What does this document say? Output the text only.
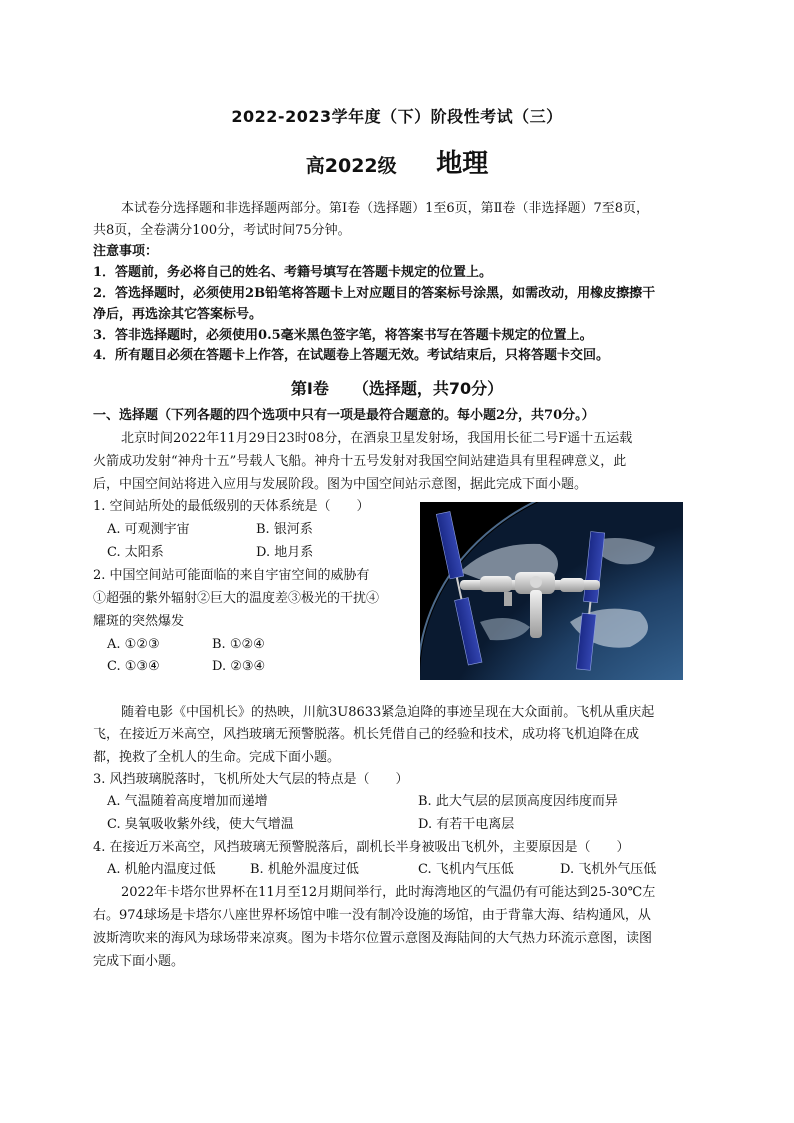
2022-2023学年度（下）阶段性考试（三）
高2022级 地理
本试卷分选择题和非选择题两部分。第Ⅰ卷（选择题）1至6页，第Ⅱ卷（非选择题）7至8页，
共8页，全卷满分100分，考试时间75分钟。
注意事项：
1．答题前，务必将自己的姓名、考籍号填写在答题卡规定的位置上。
2．答选择题时，必须使用2B铅笔将答题卡上对应题目的答案标号涂黑，如需改动，用橡皮擦擦干
净后，再选涂其它答案标号。
3．答非选择题时，必须使用0.5毫米黑色签字笔，将答案书写在答题卡规定的位置上。
4．所有题目必须在答题卡上作答，在试题卷上答题无效。考试结束后，只将答题卡交回。
第Ⅰ卷　　（选择题，共70分）
一、选择题（下列各题的四个选项中只有一项是最符合题意的。每小题2分，共70分。）
北京时间2022年11月29日23时08分，在酒泉卫星发射场，我国用长征二号F遥十五运载
火箭成功发射“神舟十五”号载人飞船。神舟十五号发射对我国空间站建造具有里程碑意义，此
后，中国空间站将进入应用与发展阶段。图为中国空间站示意图，据此完成下面小题。
1. 空间站所处的最低级别的天体系统是（　　）
A. 可观测宇宙	B. 银河系
C. 太阳系	D. 地月系
2. 中国空间站可能面临的来自宇宙空间的威胁有
①超强的紫外辐射②巨大的温度差③极光的干扰④
耀斑的突然爆发
A. ①②③	B. ①②④
C. ①③④	D. ②③④
随着电影《中国机长》的热映，川航3U8633紧急迫降的事迹呈现在大众面前。飞机从重庆起
飞，在接近万米高空，风挡玻璃无预警脱落。机长凭借自己的经验和技术，成功将飞机迫降在成
都，挽救了全机人的生命。完成下面小题。
3. 风挡玻璃脱落时，飞机所处大气层的特点是（　　）
A. 气温随着高度增加而递增	B. 此大气层的层顶高度因纬度而异
C. 臭氧吸收紫外线，使大气增温	D. 有若干电离层
4. 在接近万米高空，风挡玻璃无预警脱落后，副机长半身被吸出飞机外，主要原因是（　　）
A. 机舱内温度过低	B. 机舱外温度过低	C. 飞机内气压低	D. 飞机外气压低
2022年卡塔尔世界杯在11月至12月期间举行，此时海湾地区的气温仍有可能达到25-30℃左
右。974球场是卡塔尔八座世界杯场馆中唯一没有制冷设施的场馆，由于背靠大海、结构通风，从
波斯湾吹来的海风为球场带来凉爽。图为卡塔尔位置示意图及海陆间的大气热力环流示意图，读图
完成下面小题。
